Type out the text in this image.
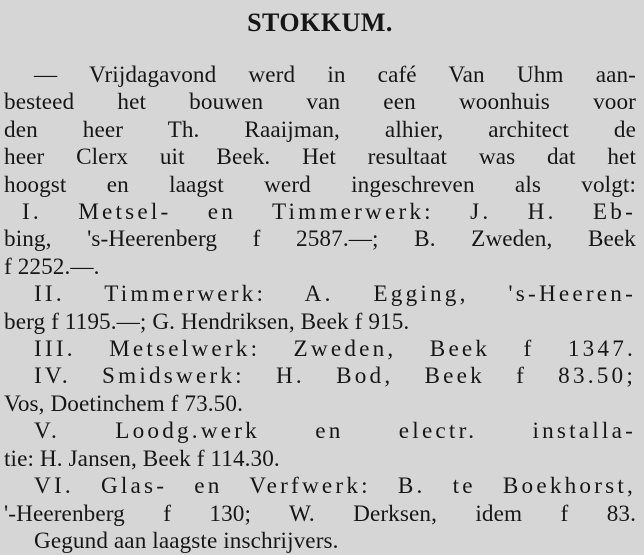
STOKKUM.
— Vrijdagavond werd in café Van Uhm aan-
besteed het bouwen van een woonhuis voor
den heer Th. Raaijman, alhier, architect de
heer Clerx uit Beek. Het resultaat was dat het
hoogst en laagst werd ingeschreven als volgt:
I. Metsel- en Timmerwerk: J. H. Eb-
bing, 's-Heerenberg f 2587.—; B. Zweden, Beek
f 2252.—.
II. Timmerwerk: A. Egging, 's-Heeren-
berg f 1195.—; G. Hendriksen, Beek f 915.
III. Metselwerk: Zweden, Beek f 1347.
IV. Smidswerk: H. Bod, Beek f 83.50;
Vos, Doetinchem f 73.50.
V. Loodg.werk en electr. installa-
tie: H. Jansen, Beek f 114.30.
VI. Glas- en Verfwerk: B. te Boekhorst,
'-Heerenberg f 130; W. Derksen, idem f 83.
Gegund aan laagste inschrijvers.
